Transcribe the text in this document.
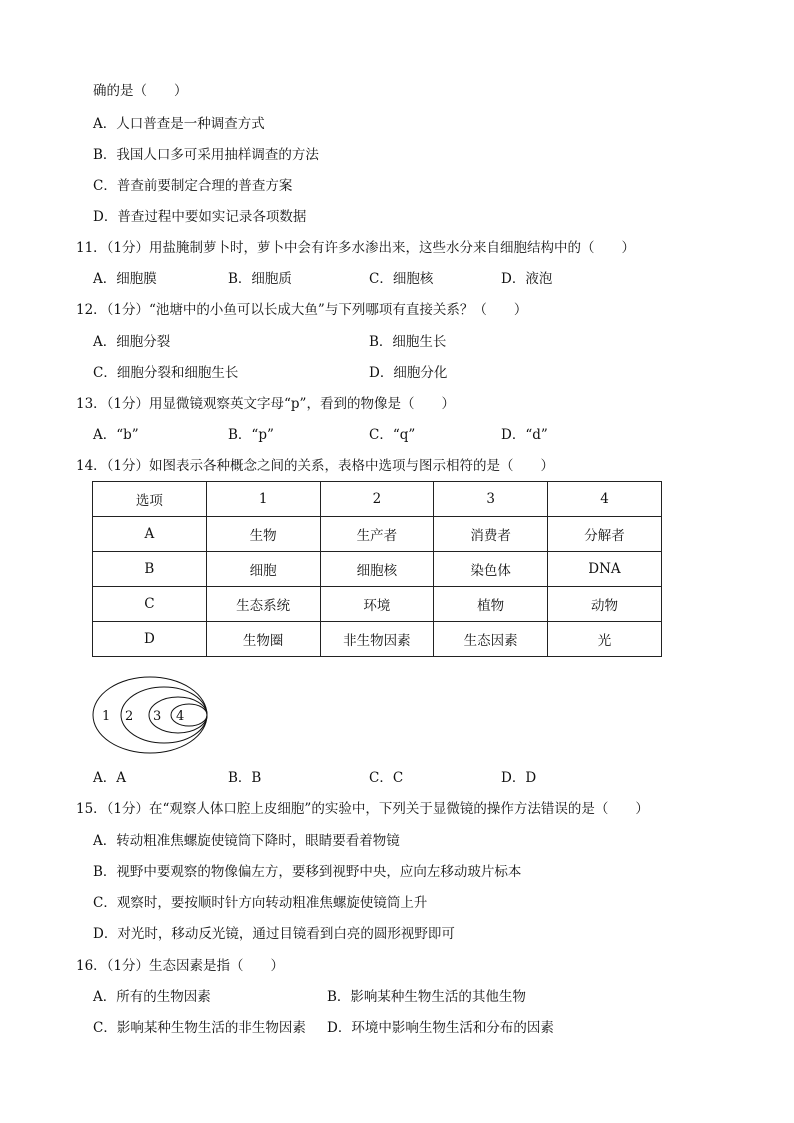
确的是（　　）
A．人口普查是一种调查方式
B．我国人口多可采用抽样调查的方法
C．普查前要制定合理的普查方案
D．普查过程中要如实记录各项数据
11．（1分）用盐腌制萝卜时，萝卜中会有许多水渗出来，这些水分来自细胞结构中的（　　）
A．细胞膜	B．细胞质	C．细胞核	D．液泡
12．（1分）“池塘中的小鱼可以长成大鱼”与下列哪项有直接关系？（　　）
A．细胞分裂	B．细胞生长
C．细胞分裂和细胞生长	D．细胞分化
13．（1分）用显微镜观察英文字母“p”，看到的物像是（　　）
A．“b”	B．“p”	C．“q”	D．“d”
14．（1分）如图表示各种概念之间的关系，表格中选项与图示相符的是（　　）
选项	1	2	3	4
A	生物	生产者	消费者	分解者
B	细胞	细胞核	染色体	DNA
C	生态系统	环境	植物	动物
D	生物圈	非生物因素	生态因素	光
1 2 3 4
A．A	B．B	C．C	D．D
15．（1分）在“观察人体口腔上皮细胞”的实验中，下列关于显微镜的操作方法错误的是（　　）
A．转动粗准焦螺旋使镜筒下降时，眼睛要看着物镜
B．视野中要观察的物像偏左方，要移到视野中央，应向左移动玻片标本
C．观察时，要按顺时针方向转动粗准焦螺旋使镜筒上升
D．对光时，移动反光镜，通过目镜看到白亮的圆形视野即可
16．（1分）生态因素是指（　　）
A．所有的生物因素	B．影响某种生物生活的其他生物
C．影响某种生物生活的非生物因素 D．环境中影响生物生活和分布的因素
